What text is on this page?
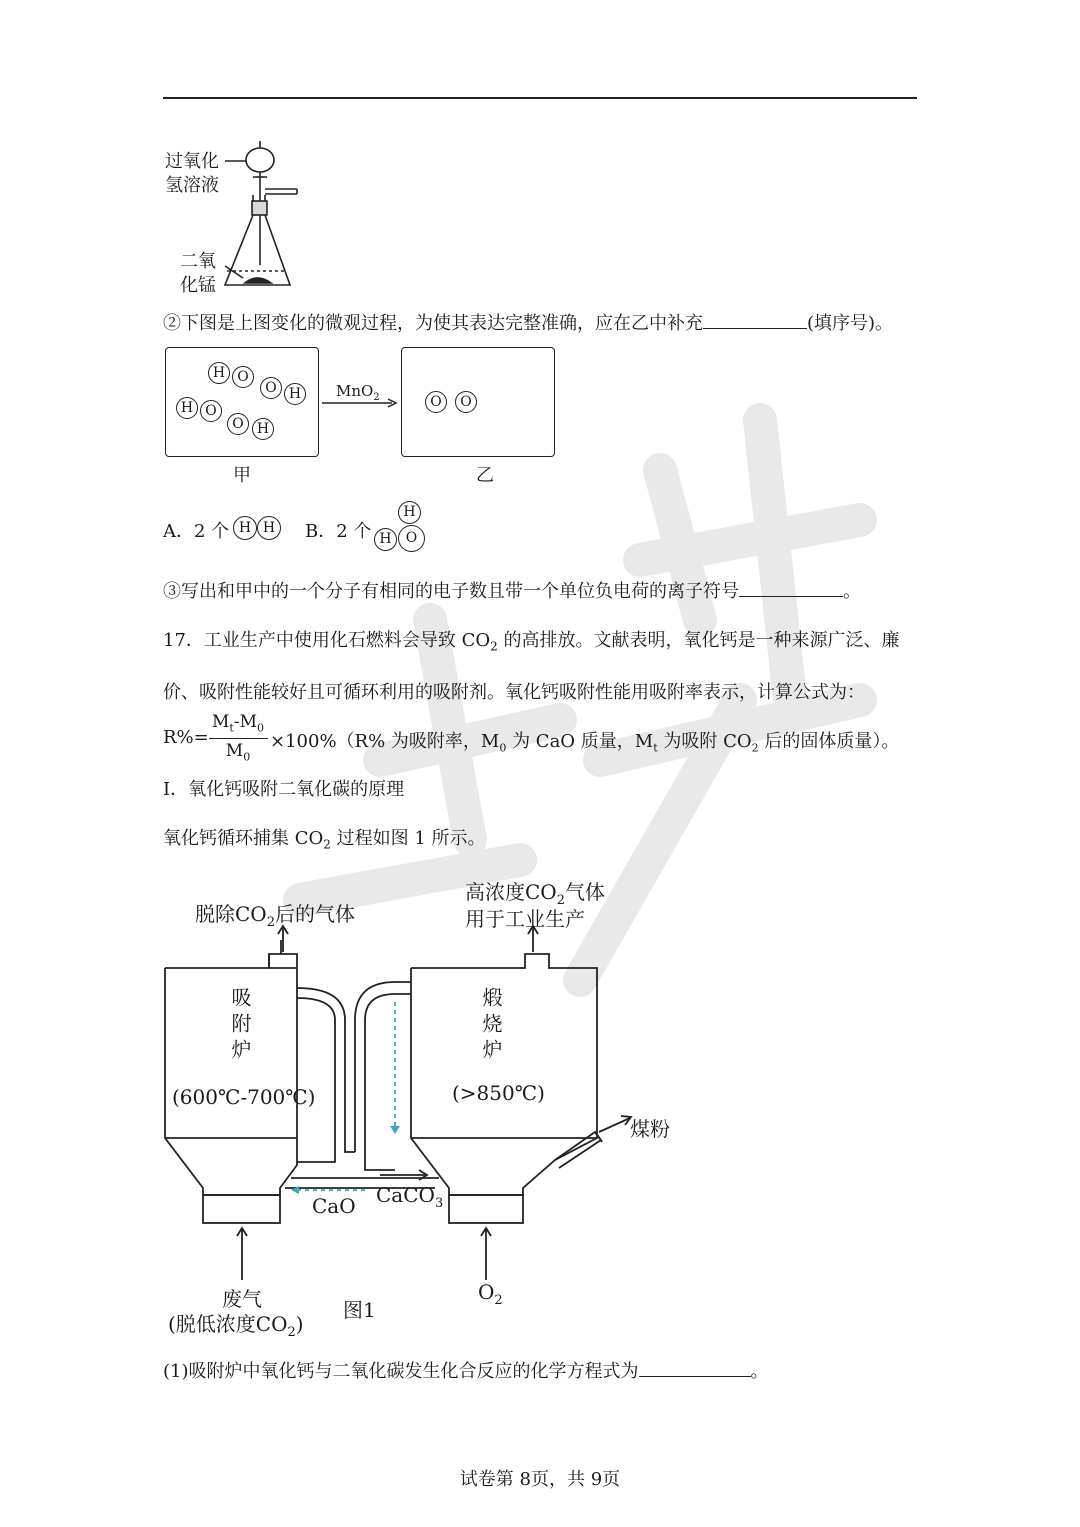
过氧化
氢溶液
二氧
化锰
②下图是上图变化的微观过程，为使其表达完整准确，应在乙中补充	(填序号)。
H O
O H
H O
O H
MnO$_2$	O	O
甲	乙
A．2 个 H H	B．2 个
H
H	O
③写出和甲中的一个分子有相同的电子数且带一个单位负电荷的离子符号	。
17．工业生产中使用化石燃料会导致 $CO_2$ 的高排放。文献表明，氧化钙是一种来源广泛、廉
价、吸附性能较好且可循环利用的吸附剂。氧化钙吸附性能用吸附率表示，计算公式为：
R%=
$M_t-M_0$
$M_0$
×100%（R% 为吸附率，$M_0$ 为 CaO 质量，$M_t$ 为吸附 $CO_2$ 后的固体质量）。
I．氧化钙吸附二氧化碳的原理
氧化钙循环捕集 $CO_2$ 过程如图 1 所示。
脱除$CO_2$后的气体
高浓度$CO_2$气体
用于工业生产
吸附炉
(600℃-700℃)
煅烧炉
(>850℃)
煤粉
CaO CaCO$_3$
废气
(脱低浓度$CO_2$)
$O_2$
图1
(1)吸附炉中氧化钙与二氧化碳发生化合反应的化学方程式为	。
试卷第 8页，共 9页
